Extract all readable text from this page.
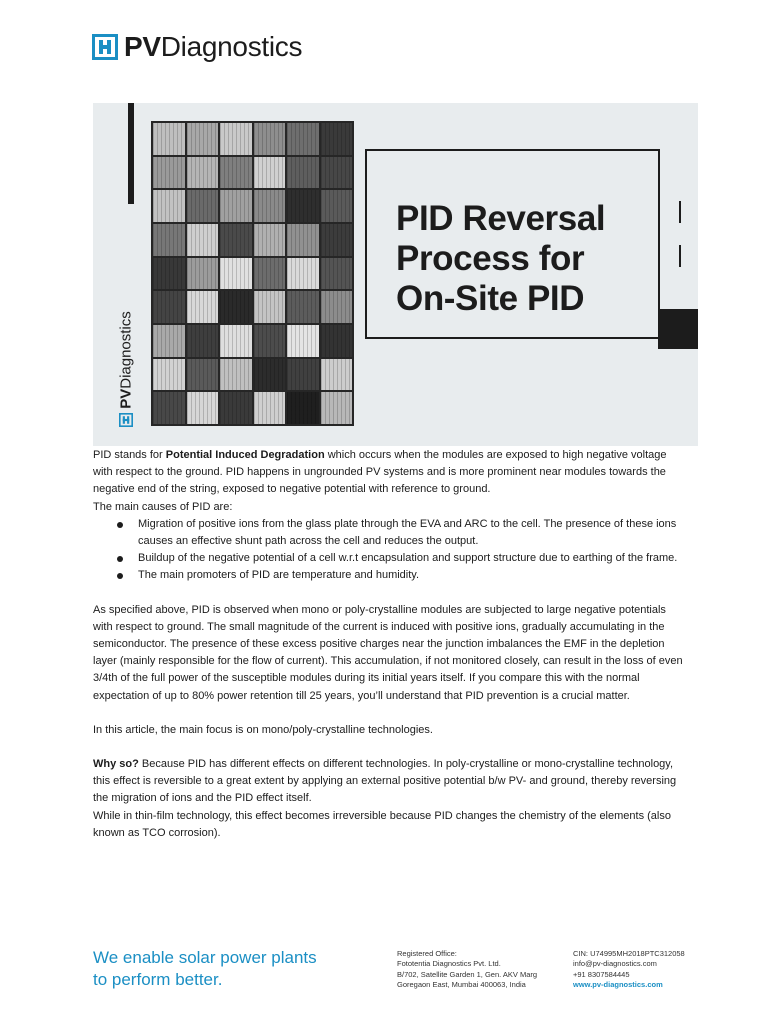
PVDiagnostics
PVDiagnostics
PID Reversal
Process for
On-Site PID

PID stands for Potential Induced Degradation which occurs when the modules are exposed to high negative voltage with respect to the ground. PID happens in ungrounded PV systems and is more prominent near modules towards the negative end of the string, exposed to negative potential with reference to ground.

The main causes of PID are:

Migration of positive ions from the glass plate through the EVA and ARC to the cell. The presence of these ions causes an effective shunt path across the cell and reduces the output.
Buildup of the negative potential of a cell w.r.t encapsulation and support structure due to earthing of the frame.
The main promoters of PID are temperature and humidity.

As specified above, PID is observed when mono or poly-crystalline modules are subjected to large negative potentials with respect to ground. The small magnitude of the current is induced with positive ions, gradually accumulating in the semiconductor. The presence of these excess positive charges near the junction imbalances the EMF in the depletion layer (mainly responsible for the flow of current). This accumulation, if not monitored closely, can result in the loss of even 3/4th of the full power of the susceptible modules during its initial years itself. If you compare this with the normal expectation of up to 80% power retention till 25 years, you’ll understand that PID prevention is a crucial matter.

In this article, the main focus is on mono/poly-crystalline technologies.

Why so? Because PID has different effects on different technologies. In poly-crystalline or mono-crystalline technology, this effect is reversible to a great extent by applying an external positive potential b/w PV- and ground, thereby reversing the migration of ions and the PID effect itself.

While in thin-film technology, this effect becomes irreversible because PID changes the chemistry of the elements (also known as TCO corrosion).

We enable solar power plants
to perform better.
Registered Office:
Fototentia Diagnostics Pvt. Ltd.
B/702, Satellite Garden 1, Gen. AKV Marg
Goregaon East, Mumbai 400063, India
CIN: U74995MH2018PTC312058
info@pv-diagnostics.com
+91 8307584445
www.pv-diagnostics.com
